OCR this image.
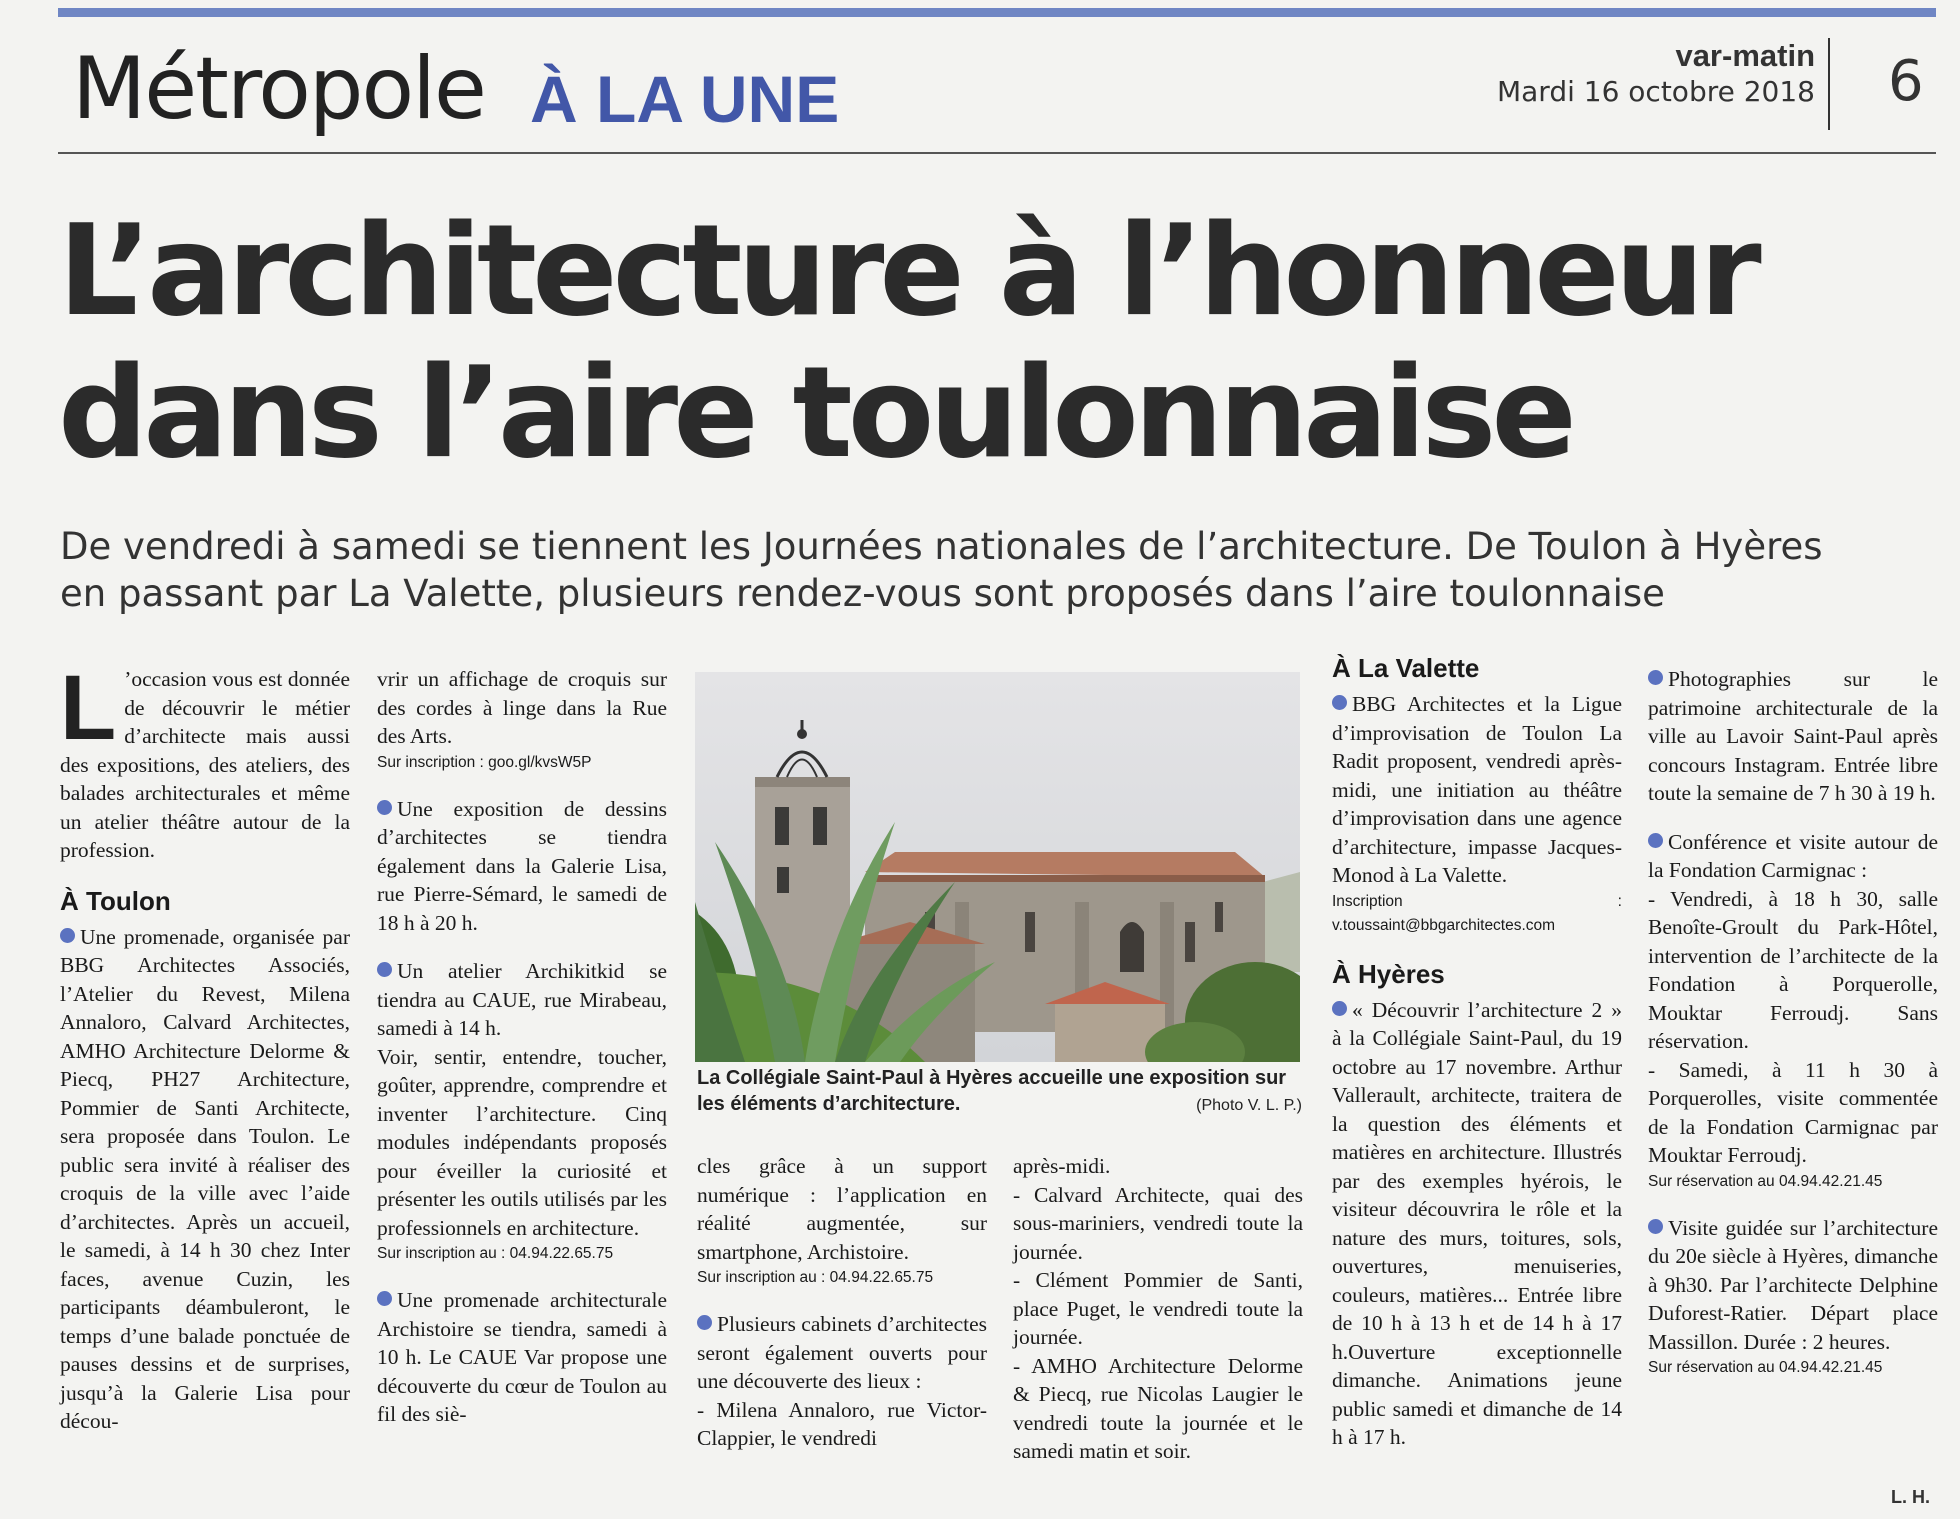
Métropole À LA UNE
var-matin
Mardi 16 octobre 2018 6
L’architecture à l’honneur
dans l’aire toulonnaise
De vendredi à samedi se tiennent les Journées nationales de l’architecture. De Toulon à Hyères
en passant par La Valette, plusieurs rendez-vous sont proposés dans l’aire toulonnaise

L ’occasion vous est donnée de découvrir le métier d’architecte mais aussi des expositions, des ateliers, des balades architecturales et même un atelier théâtre autour de la profession.

À Toulon

Une promenade, organisée par BBG Architectes Associés, l’Atelier du Revest, Milena Annaloro, Calvard Architectes, AMHO Architecture Delorme & Piecq, PH27 Architecture, Pommier de Santi Architecte, sera proposée dans Toulon. Le public sera invité à réaliser des croquis de la ville avec l’aide d’architectes. Après un accueil, le samedi, à 14 h 30 chez Inter faces, avenue Cuzin, les participants déambuleront, le temps d’une balade ponctuée de pauses dessins et de surprises, jusqu’à la Galerie Lisa pour décou-

vrir un affichage de croquis sur des cordes à linge dans la Rue des Arts.
Sur inscription : goo.gl/kvsW5P

Une exposition de dessins d’architectes se tiendra également dans la Galerie Lisa, rue Pierre-Sémard, le samedi de 18 h à 20 h.

Un atelier Archikitkid se tiendra au CAUE, rue Mirabeau, samedi à 14 h.
Voir, sentir, entendre, toucher, goûter, apprendre, comprendre et inventer l’architecture. Cinq modules indépendants proposés pour éveiller la curiosité et présenter les outils utilisés par les professionnels en architecture.
Sur inscription au : 04.94.22.65.75

Une promenade architecturale Archistoire se tiendra, samedi à 10 h. Le CAUE Var propose une découverte du cœur de Toulon au fil des siè-

La Collégiale Saint-Paul à Hyères accueille une exposition sur les éléments d’architecture.	(Photo V. L. P.)

cles grâce à un support numérique : l’application en réalité augmentée, sur smartphone, Archistoire.
Sur inscription au : 04.94.22.65.75

Plusieurs cabinets d’architectes seront également ouverts pour une découverte des lieux :
- Milena Annaloro, rue Victor-Clappier, le vendredi

après-midi.
- Calvard Architecte, quai des sous-mariniers, vendredi toute la journée.
- Clément Pommier de Santi, place Puget, le vendredi toute la journée.
- AMHO Architecture Delorme & Piecq, rue Nicolas Laugier le vendredi toute la journée et le samedi matin et soir.
À La Valette

BBG Architectes et la Ligue d’improvisation de Toulon La Radit proposent, vendredi après-midi, une initiation au théâtre d’improvisation dans une agence d’architecture, impasse Jacques-Monod à La Valette.
Inscription : v.toussaint@bbgarchitectes.com

À Hyères

« Découvrir l’architecture 2 » à la Collégiale Saint-Paul, du 19 octobre au 17 novembre. Arthur Vallerault, architecte, traitera de la question des éléments et matières en architecture. Illustrés par des exemples hyérois, le visiteur découvrira le rôle et la nature des murs, toitures, sols, ouvertures, menuiseries, couleurs, matières... Entrée libre de 10 h à 13 h et de 14 h à 17 h.Ouverture exceptionnelle dimanche. Animations jeune public samedi et dimanche de 14 h à 17 h.

Photographies sur le patrimoine architecturale de la ville au Lavoir Saint-Paul après concours Instagram. Entrée libre toute la semaine de 7 h 30 à 19 h.

Conférence et visite autour de la Fondation Carmignac :
- Vendredi, à 18 h 30, salle Benoîte-Groult du Park-Hôtel, intervention de l’architecte de la Fondation à Porquerolle, Mouktar Ferroudj. Sans réservation.
- Samedi, à 11 h 30 à Porquerolles, visite commentée de la Fondation Carmignac par Mouktar Ferroudj.
Sur réservation au 04.94.42.21.45

Visite guidée sur l’architecture du 20e siècle à Hyères, dimanche à 9h30. Par l’architecte Delphine Duforest-Ratier. Départ place Massillon. Durée : 2 heures.
Sur réservation au 04.94.42.21.45

L. H.
